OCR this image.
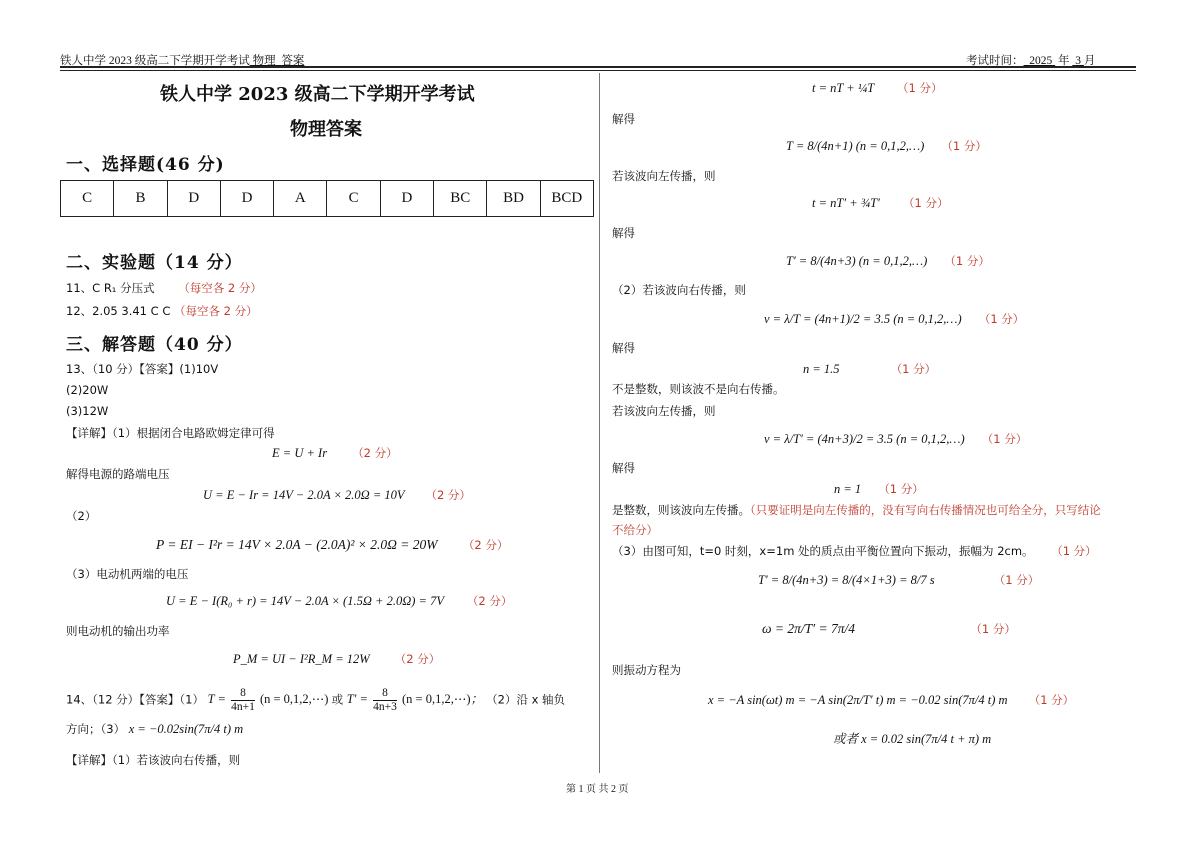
铁人中学 2023 级高二下学期开学考试 物理 答案	考试时间： 2025 年 3 月
铁人中学 2023 级高二下学期开学考试
物理答案
一、选择题(46 分)
C	B	D	D	A	C	D	BC	BD	BCD
二、实验题（14 分）
11、C R₁ 分压式 （每空各 2 分）
12、2.05 3.41 C C （每空各 2 分）
三、解答题（40 分）
13、（10 分）【答案】(1)10V
(2)20W
(3)12W
【详解】（1）根据闭合电路欧姆定律可得
E = U + Ir （2 分）
解得电源的路端电压
U = E − Ir = 14V − 2.0A × 2.0Ω = 10V （2 分）
（2）
P = EI − I²r = 14V × 2.0A − (2.0A)² × 2.0Ω = 20W （2 分）
（3）电动机两端的电压
U = E − I(R₀ + r) = 14V − 2.0A × (1.5Ω + 2.0Ω) = 7V （2 分）
则电动机的输出功率
P_M = UI − I²R_M = 12W （2 分）
14、（12 分）【答案】（1） $T = \frac{8}{4n+1} (n$ = 0,1,2,⋯) 或 $T' = \frac{8}{4n+3} (n$ = 0,1,2,⋯)； （2）沿 x 轴负
方向；（3） x = −0.02sin(7π/4 t) m
【详解】（1）若该波向右传播，则
t = nT + ¼T （1 分）
解得
T = 8/(4n+1) (n = 0,1,2,…) （1 分）
若该波向左传播，则
t = nT′ + ¾T′ （1 分）
解得
T′ = 8/(4n+3) (n = 0,1,2,…) （1 分）
（2）若该波向右传播，则
v = λ/T = (4n+1)/2 = 3.5 (n = 0,1,2,…) （1 分）
解得
n = 1.5	（1 分）
不是整数，则该波不是向右传播。
若该波向左传播，则
v = λ/T′ = (4n+3)/2 = 3.5 (n = 0,1,2,…) （1 分）
解得
n = 1 （1 分）
是整数，则该波向左传播。（只要证明是向左传播的，没有写向右传播情况也可给全分，只写结论
不给分）
（3）由图可知，t=0 时刻，x=1m 处的质点由平衡位置向下振动，振幅为 2cm。 （1 分）
T′ = 8/(4n+3) = 8/(4×1+3) = 8/7 s	（1 分）
ω = 2π/T′ = 7π/4	（1 分）
则振动方程为
x = −A sin(ωt) m = −A sin(2π/T′ t) m = −0.02 sin(7π/4 t) m （1 分）
或者 x = 0.02 sin(7π/4 t + π) m
第 1 页 共 2 页
